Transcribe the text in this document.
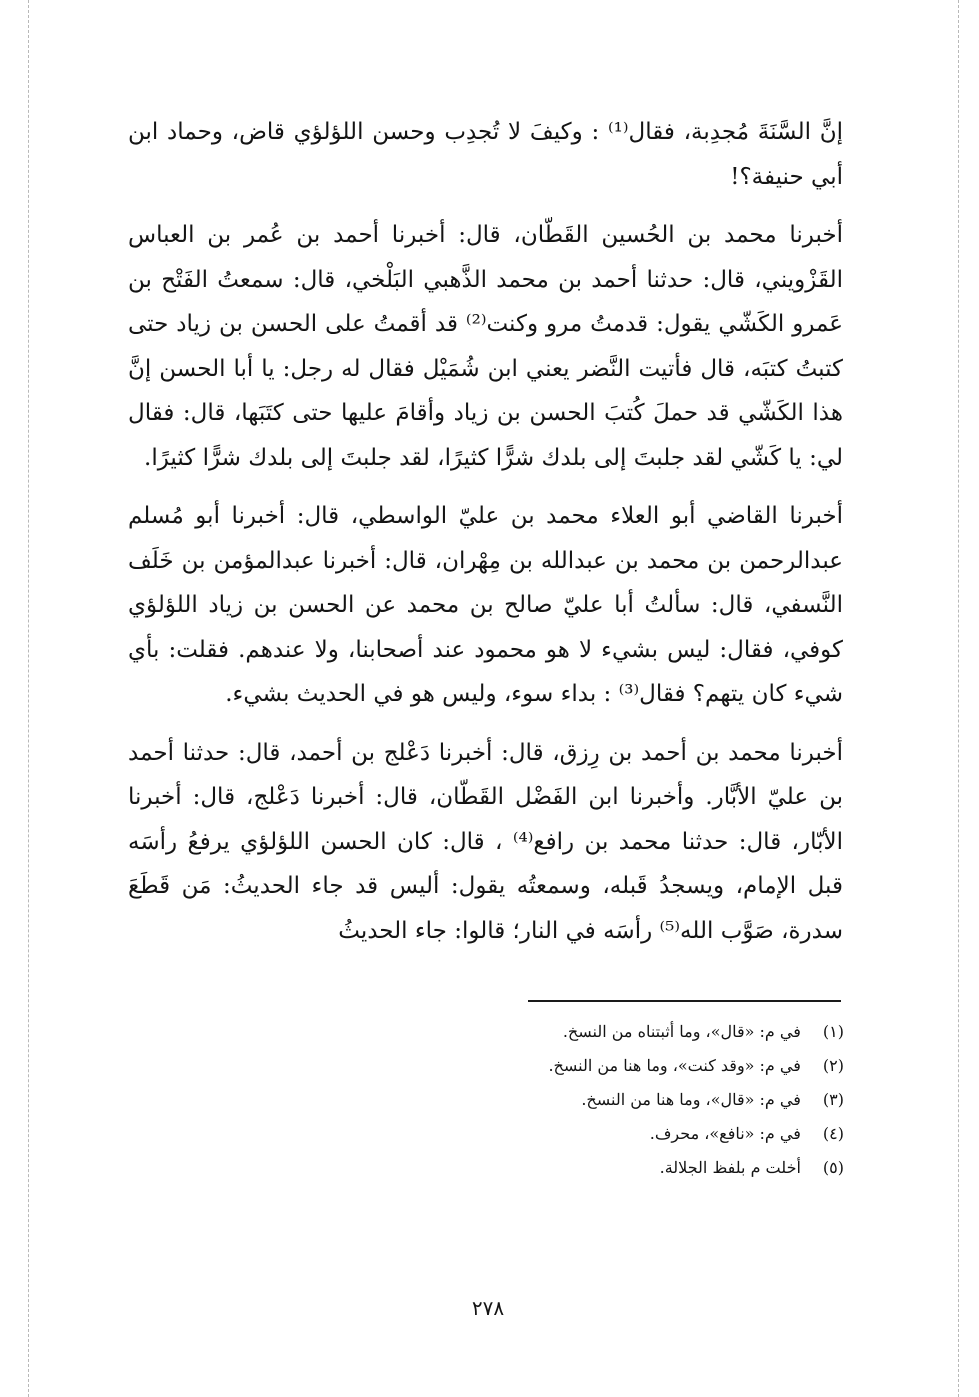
إنَّ السَّنَةَ مُجدِبة، فقال⁽¹⁾ : وكيفَ لا تُجدِب وحسن اللؤلؤي قاض، وحماد ابن أبي حنيفة؟!

أخبرنا محمد بن الحُسين القَطّان، قال: أخبرنا أحمد بن عُمر بن العباس القَزْويني، قال: حدثنا أحمد بن محمد الذَّهبي البَلْخي، قال: سمعتُ الفَتْح بن عَمرو الكَشّي يقول: قدمتُ مرو وكنت⁽²⁾ قد أقمتُ على الحسن بن زياد حتى كتبتُ كتبَه، قال فأتيت النَّضر يعني ابن شُمَيْل فقال له رجل: يا أبا الحسن إنَّ هذا الكَشّي قد حملَ كُتبَ الحسن بن زياد وأقامَ عليها حتى كتَبَها، قال: فقال لي: يا كَشّي لقد جلبتَ إلى بلدك شرًّا كثيرًا، لقد جلبتَ إلى بلدك شرًّا كثيرًا.

أخبرنا القاضي أبو العلاء محمد بن عليّ الواسطي، قال: أخبرنا أبو مُسلم عبدالرحمن بن محمد بن عبدالله بن مِهْران، قال: أخبرنا عبدالمؤمن بن خَلَف النَّسفي، قال: سألتُ أبا عليّ صالح بن محمد عن الحسن بن زياد اللؤلؤي كوفي، فقال: ليس بشيء لا هو محمود عند أصحابنا، ولا عندهم. فقلت: بأي شيء كان يتهم؟ فقال⁽³⁾ : بداء سوء، وليس هو في الحديث بشيء.

أخبرنا محمد بن أحمد بن رِزق، قال: أخبرنا دَعْلج بن أحمد، قال: حدثنا أحمد بن عليّ الأبَّار. وأخبرنا ابن الفَضْل القَطّان، قال: أخبرنا دَعْلج، قال: أخبرنا الأبّار، قال: حدثنا محمد بن رافع⁽⁴⁾ ، قال: كان الحسن اللؤلؤي يرفعُ رأسَه قبل الإمام، ويسجدُ قَبله، وسمعتُه يقول: أليس قد جاء الحديثُ: مَن قَطَعَ سدرة، صَوَّب الله⁽⁵⁾ رأسَه في النار؛ قالوا: جاء الحديثُ

(١) في م: «قال»، وما أثبتناه من النسخ.
(٢) في م: «وقد كنت»، وما هنا من النسخ.
(٣) في م: «قال»، وما هنا من النسخ.
(٤) في م: «نافع»، محرف.
(٥) أخلت م بلفظ الجلالة.
٢٧٨
